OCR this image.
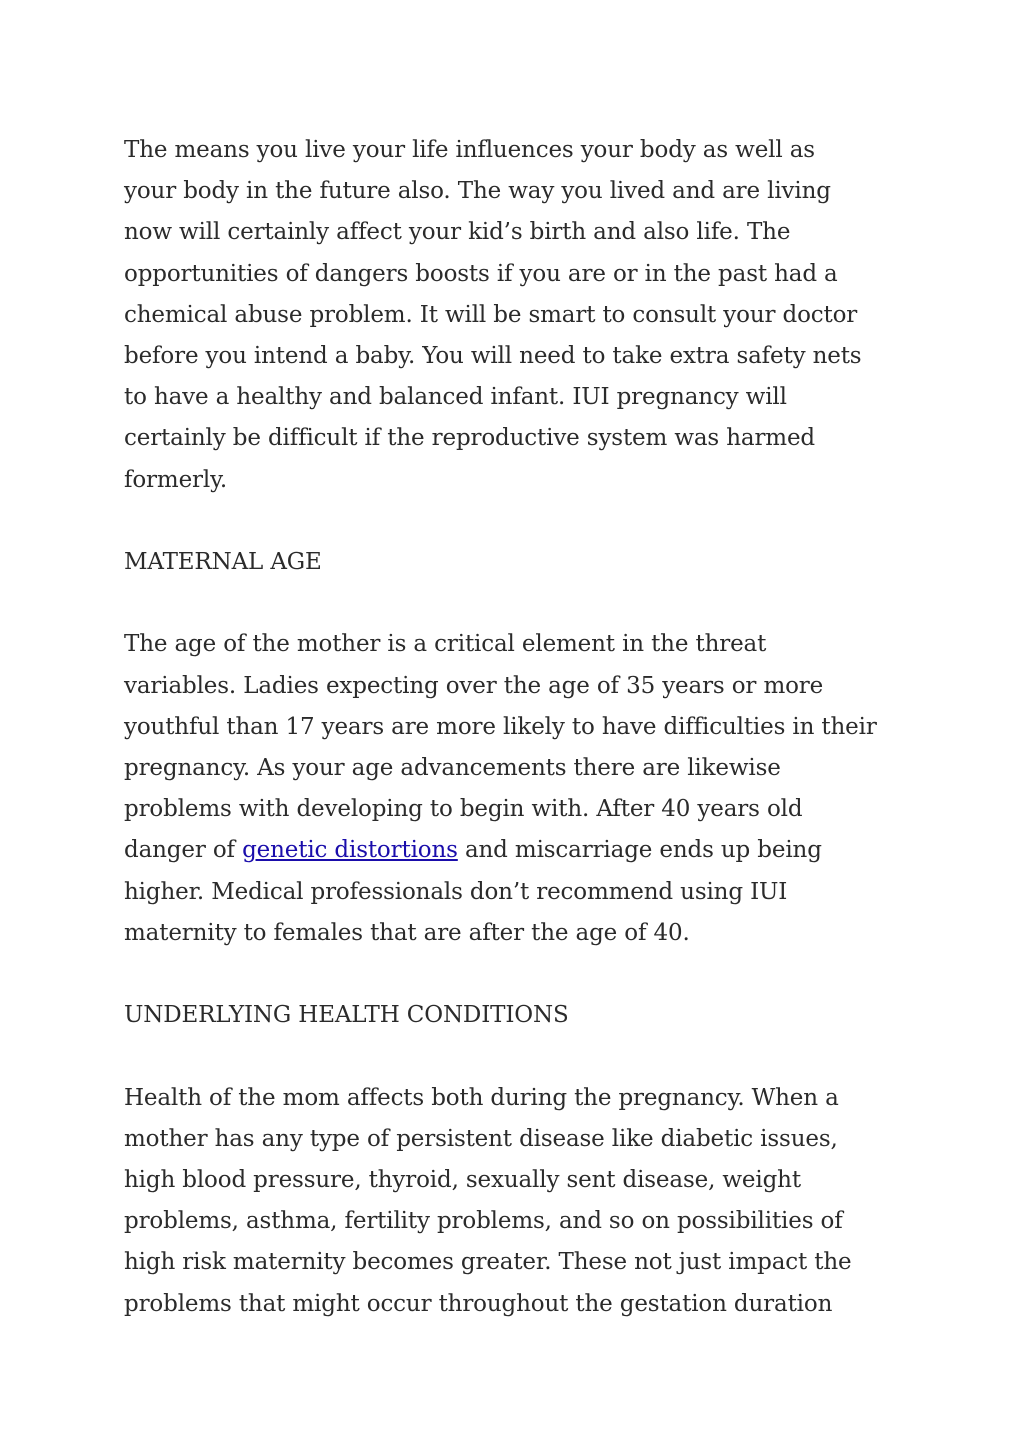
The means you live your life influences your body as well as
your body in the future also. The way you lived and are living
now will certainly affect your kid’s birth and also life. The
opportunities of dangers boosts if you are or in the past had a
chemical abuse problem. It will be smart to consult your doctor
before you intend a baby. You will need to take extra safety nets
to have a healthy and balanced infant. IUI pregnancy will
certainly be difficult if the reproductive system was harmed
formerly.

MATERNAL AGE

The age of the mother is a critical element in the threat
variables. Ladies expecting over the age of 35 years or more
youthful than 17 years are more likely to have difficulties in their
pregnancy. As your age advancements there are likewise
problems with developing to begin with. After 40 years old
danger of genetic distortions and miscarriage ends up being
higher. Medical professionals don’t recommend using IUI
maternity to females that are after the age of 40.

UNDERLYING HEALTH CONDITIONS

Health of the mom affects both during the pregnancy. When a
mother has any type of persistent disease like diabetic issues,
high blood pressure, thyroid, sexually sent disease, weight
problems, asthma, fertility problems, and so on possibilities of
high risk maternity becomes greater. These not just impact the
problems that might occur throughout the gestation duration
